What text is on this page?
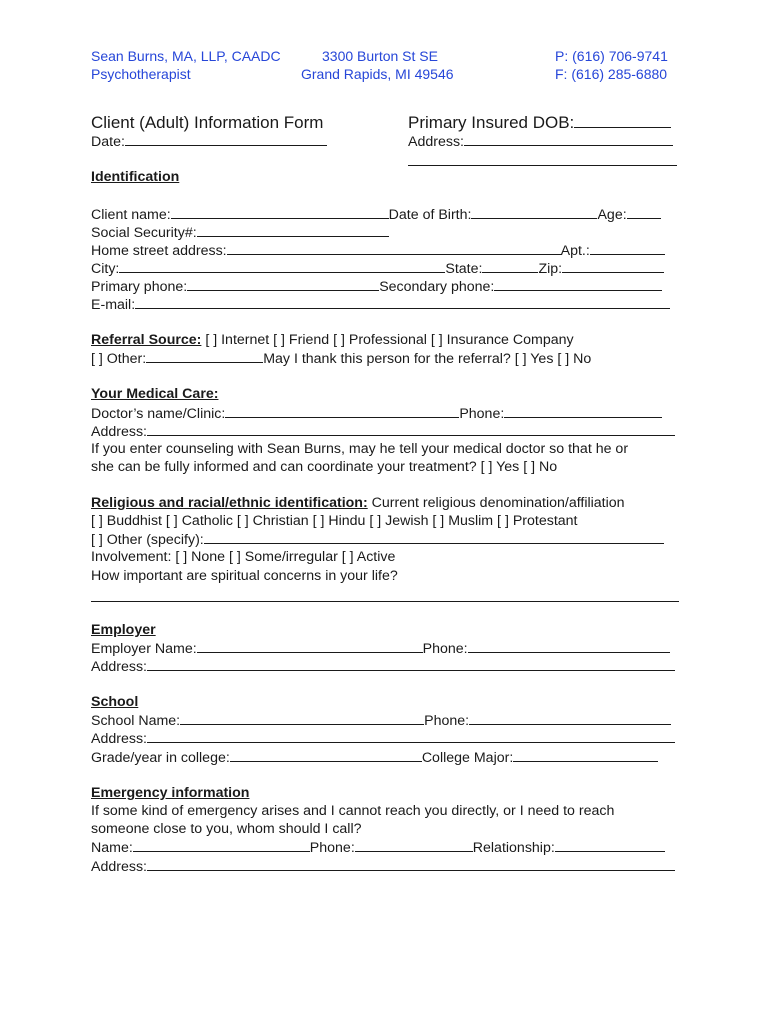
Sean Burns, MA, LLP, CAADC
Psychotherapist
3300 Burton St SE
Grand Rapids, MI 49546
P: (616) 706-9741
F: (616) 285-6880
Client (Adult) Information Form	Primary Insured DOB:
Date:	Address:
Identification
Client name:	Date of Birth:	Age:
Social Security#:
Home street address:	Apt.:
City:	State:	Zip:
Primary phone:	Secondary phone:
E-mail:
Referral Source: [ ] Internet [ ] Friend [ ] Professional [ ] Insurance Company
[ ] Other:	May I thank this person for the referral? [ ] Yes [ ] No
Your Medical Care:
Doctor’s name/Clinic:	Phone:
Address:
If you enter counseling with Sean Burns, may he tell your medical doctor so that he or
she can be fully informed and can coordinate your treatment? [ ] Yes [ ] No
Religious and racial/ethnic identification: Current religious denomination/affiliation
[ ] Buddhist [ ] Catholic [ ] Christian [ ] Hindu [ ] Jewish [ ] Muslim [ ] Protestant
[ ] Other (specify):
Involvement: [ ] None [ ] Some/irregular [ ] Active
How important are spiritual concerns in your life?
Employer
Employer Name:	Phone:
Address:
School
School Name:	Phone:
Address:
Grade/year in college:	College Major:
Emergency information
If some kind of emergency arises and I cannot reach you directly, or I need to reach
someone close to you, whom should I call?
Name:	Phone:	Relationship:
Address:
